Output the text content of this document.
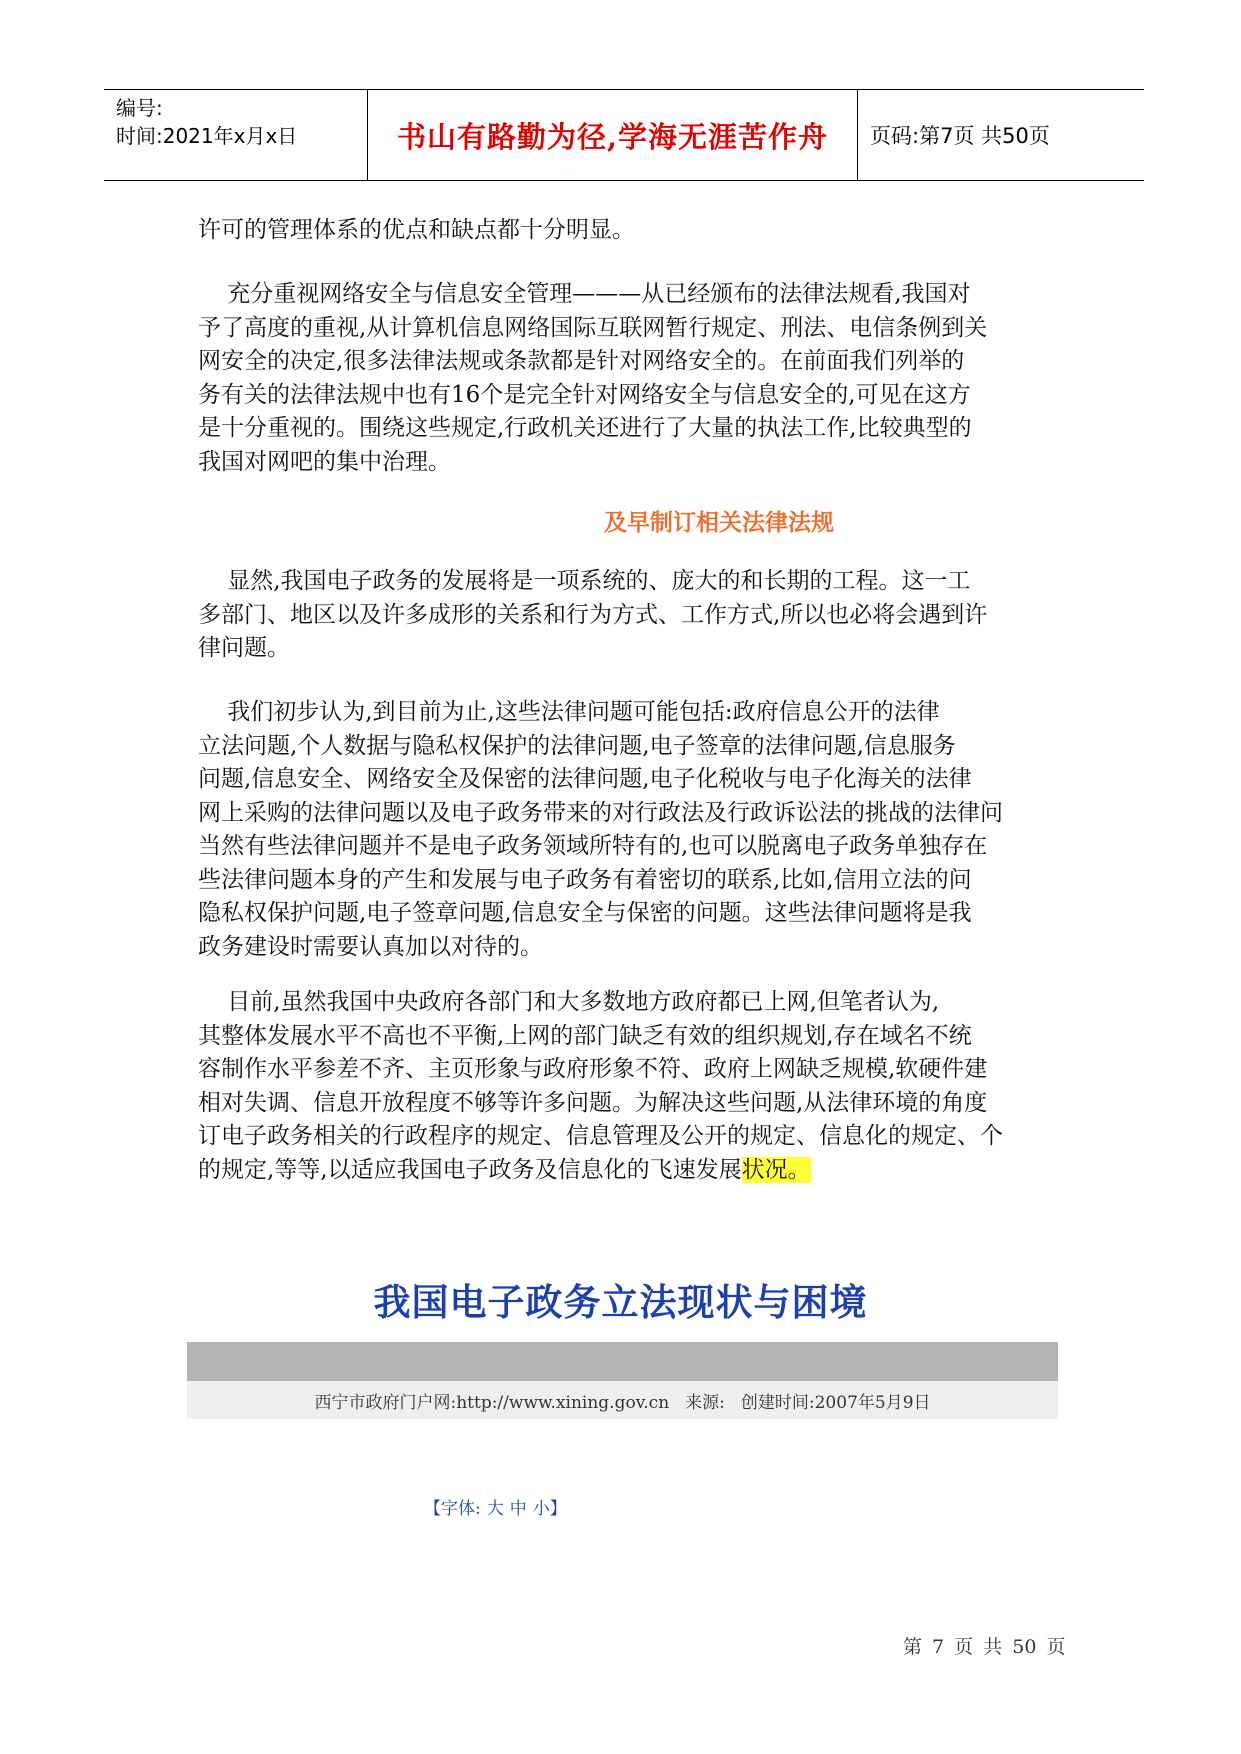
编号:
时间:2021年x月x日	书山有路勤为径,学海无涯苦作舟	页码:第7页 共50页
许可的管理体系的优点和缺点都十分明显。
充分重视网络安全与信息安全管理———从已经颁布的法律法规看,我国对
予了高度的重视,从计算机信息网络国际互联网暂行规定、刑法、电信条例到关
网安全的决定,很多法律法规或条款都是针对网络安全的。在前面我们列举的
务有关的法律法规中也有16个是完全针对网络安全与信息安全的,可见在这方
是十分重视的。围绕这些规定,行政机关还进行了大量的执法工作,比较典型的
我国对网吧的集中治理。
及早制订相关法律法规
显然,我国电子政务的发展将是一项系统的、庞大的和长期的工程。这一工
多部门、地区以及许多成形的关系和行为方式、工作方式,所以也必将会遇到许
律问题。
我们初步认为,到目前为止,这些法律问题可能包括:政府信息公开的法律
立法问题,个人数据与隐私权保护的法律问题,电子签章的法律问题,信息服务
问题,信息安全、网络安全及保密的法律问题,电子化税收与电子化海关的法律
网上采购的法律问题以及电子政务带来的对行政法及行政诉讼法的挑战的法律问
当然有些法律问题并不是电子政务领域所特有的,也可以脱离电子政务单独存在
些法律问题本身的产生和发展与电子政务有着密切的联系,比如,信用立法的问
隐私权保护问题,电子签章问题,信息安全与保密的问题。这些法律问题将是我
政务建设时需要认真加以对待的。
目前,虽然我国中央政府各部门和大多数地方政府都已上网,但笔者认为,
其整体发展水平不高也不平衡,上网的部门缺乏有效的组织规划,存在域名不统
容制作水平参差不齐、主页形象与政府形象不符、政府上网缺乏规模,软硬件建
相对失调、信息开放程度不够等许多问题。为解决这些问题,从法律环境的角度
订电子政务相关的行政程序的规定、信息管理及公开的规定、信息化的规定、个
的规定,等等,以适应我国电子政务及信息化的飞速发展状况。
我国电子政务立法现状与困境
西宁市政府门户网:http://www.xining.gov.cn 来源: 创建时间:2007年5月9日
【字体: 大 中 小】
第 7 页 共 50 页
